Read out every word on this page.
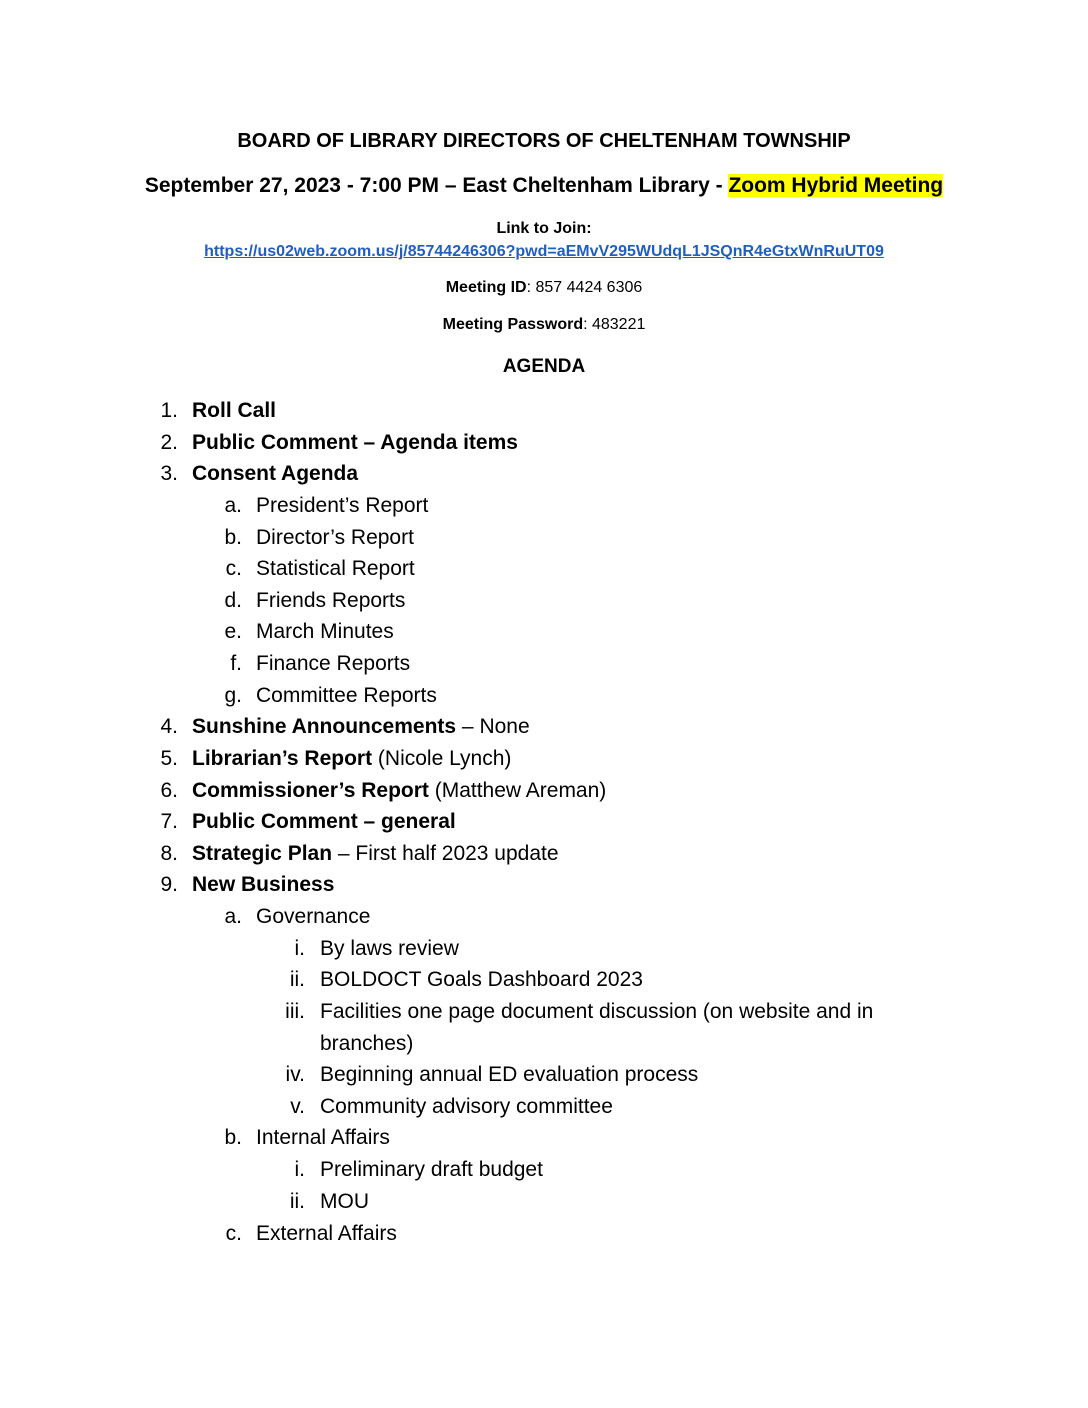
BOARD OF LIBRARY DIRECTORS OF CHELTENHAM TOWNSHIP
September 27, 2023 - 7:00 PM – East Cheltenham Library - Zoom Hybrid Meeting
Link to Join:
https://us02web.zoom.us/j/85744246306?pwd=aEMvV295WUdqL1JSQnR4eGtxWnRuUT09
Meeting ID: 857 4424 6306
Meeting Password: 483221
AGENDA
1. Roll Call
2. Public Comment – Agenda items
3. Consent Agenda
a. President’s Report
b. Director’s Report
c. Statistical Report
d. Friends Reports
e. March Minutes
f. Finance Reports
g. Committee Reports
4. Sunshine Announcements – None
5. Librarian’s Report (Nicole Lynch)
6. Commissioner’s Report (Matthew Areman)
7. Public Comment – general
8. Strategic Plan – First half 2023 update
9. New Business
a. Governance
i. By laws review
ii. BOLDOCT Goals Dashboard 2023
iii. Facilities one page document discussion (on website and in
branches)
iv. Beginning annual ED evaluation process
v. Community advisory committee
b. Internal Affairs
i. Preliminary draft budget
ii. MOU
c. External Affairs
